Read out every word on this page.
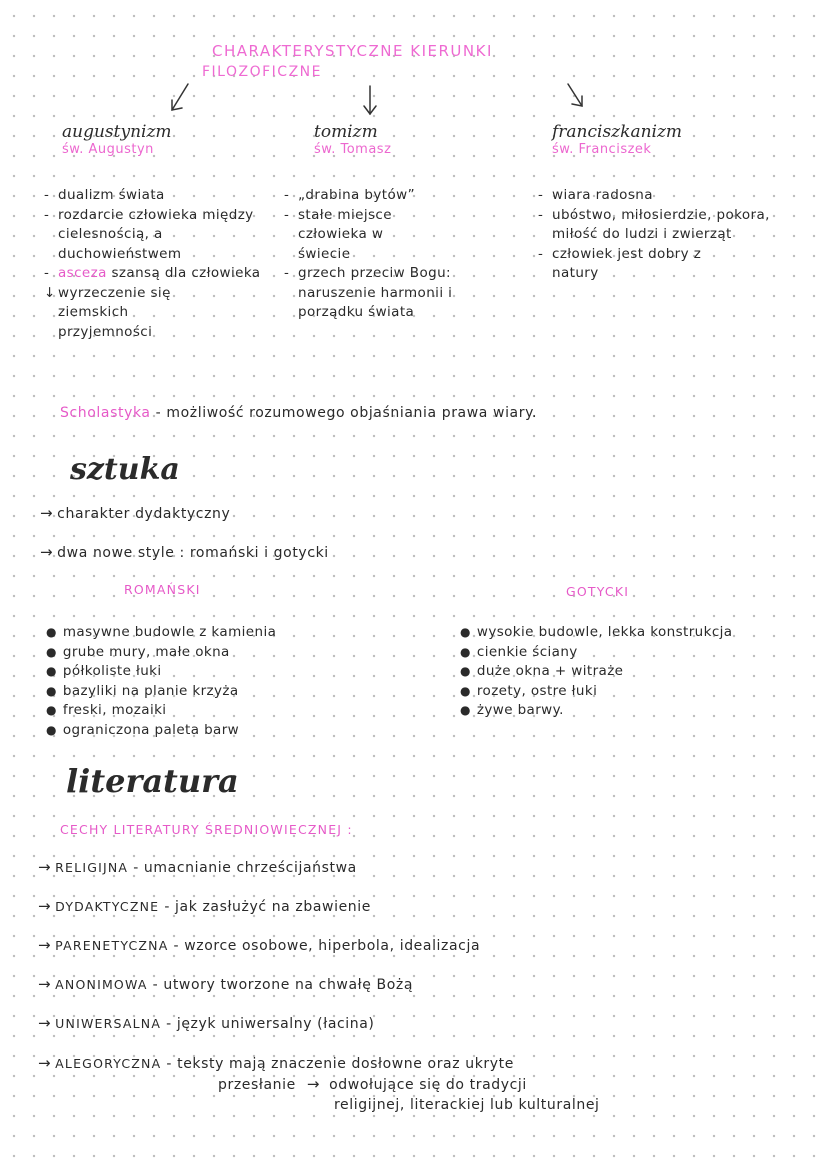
CHARAKTERYSTYCZNE KIERUNKI
FILOZOFICZNE
augustynizm
św. Augustyn
- dualizm świata
- rozdarcie człowieka między cielesnością, a duchowieństwem
- asceza szansą dla człowieka
↓ wyrzeczenie się ziemskich przyjemności
tomizm
św. Tomasz
- „drabina bytów”
- stałe miejsce człowieka w świecie
- grzech przeciw Bogu: naruszenie harmonii i porządku świata
franciszkanizm
św. Franciszek
- wiara radosna
- ubóstwo, miłosierdzie, pokora, miłość do ludzi i zwierząt
- człowiek jest dobry z natury
Scholastyka - możliwość rozumowego objaśniania prawa wiary.
sztuka
→ charakter dydaktyczny
→ dwa nowe style : romański i gotycki
ROMAŃSKI	GOTYCKI
● masywne budowle z kamienia
● grube mury, małe okna
● półkoliste łuki
● bazyliki na planie krzyża
● freski, mozaiki
● ograniczona paleta barw
● wysokie budowle, lekka konstrukcja
● cienkie ściany
● duże okna + witraże
● rozety, ostre łuki
● żywe barwy.
literatura
CECHY LITERATURY ŚREDNIOWIECZNEJ :
→ RELIGIJNA - umacnianie chrześcijaństwa
→ DYDAKTYCZNE - jak zasłużyć na zbawienie
→ PARENETYCZNA - wzorce osobowe, hiperbola, idealizacja
→ ANONIMOWA - utwory tworzone na chwałę Bożą
→ UNIWERSALNA - język uniwersalny (łacina)
→ ALEGORYCZNA - teksty mają znaczenie dosłowne oraz ukryte
przesłanie → odwołujące się do tradycji
religijnej, literackiej lub kulturalnej
